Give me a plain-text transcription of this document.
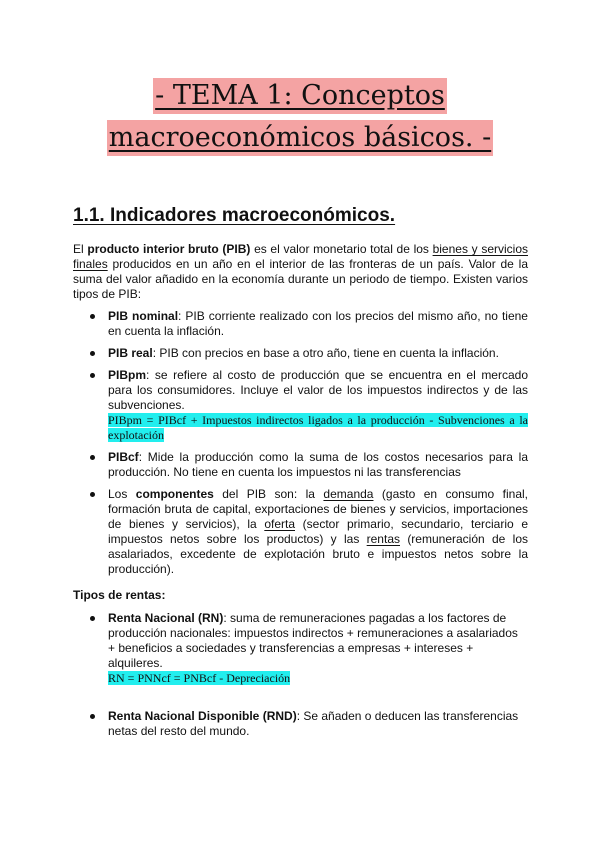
- TEMA 1: Conceptos
macroeconómicos básicos. -
1.1. Indicadores macroeconómicos.

El producto interior bruto (PIB) es el valor monetario total de los bienes y servicios finales producidos en un año en el interior de las fronteras de un país. Valor de la suma del valor añadido en la economía durante un periodo de tiempo. Existen varios tipos de PIB:

PIB nominal: PIB corriente realizado con los precios del mismo año, no tiene en cuenta la inflación.
PIB real: PIB con precios en base a otro año, tiene en cuenta la inflación.
PIBpm: se refiere al costo de producción que se encuentra en el mercado para los consumidores. Incluye el valor de los impuestos indirectos y de las subvenciones.

PIBpm = PIBcf + Impuestos indirectos ligados a la producción - Subvenciones a la explotación

PIBcf: Mide la producción como la suma de los costos necesarios para la producción. No tiene en cuenta los impuestos ni las transferencias
Los componentes del PIB son: la demanda (gasto en consumo final, formación bruta de capital, exportaciones de bienes y servicios, importaciones de bienes y servicios), la oferta (sector primario, secundario, terciario e impuestos netos sobre los productos) y las rentas (remuneración de los asalariados, excedente de explotación bruto e impuestos netos sobre la producción).

Tipos de rentas:

Renta Nacional (RN): suma de remuneraciones pagadas a los factores de producción nacionales: impuestos indirectos + remuneraciones a asalariados + beneficios a sociedades y transferencias a empresas + intereses + alquileres.

RN = PNNcf = PNBcf - Depreciación

Renta Nacional Disponible (RND): Se añaden o deducen las transferencias netas del resto del mundo.
